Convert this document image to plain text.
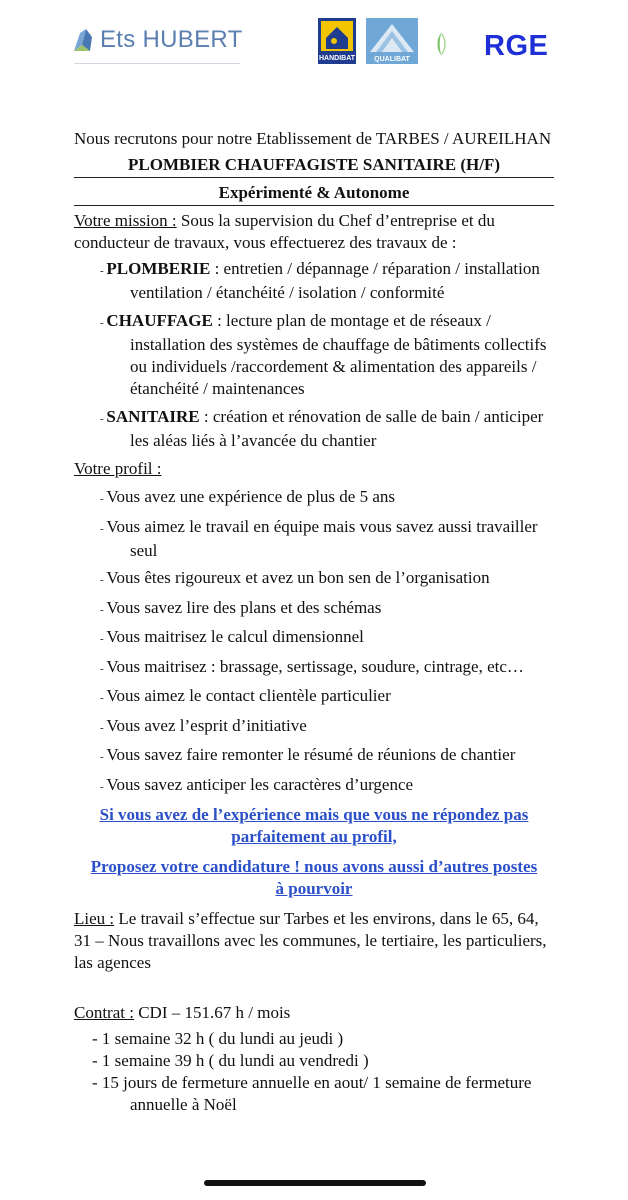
Ets HUBERT
HANDIBAT	QUALIBAT	RGE

Nous recrutons pour notre Etablissement de TARBES / AUREILHAN

PLOMBIER CHAUFFAGISTE SANITAIRE (H/F)
Expérimenté & Autonome

Votre mission : Sous la supervision du Chef d’entreprise et du conducteur de travaux, vous effectuerez des travaux de :

- PLOMBERIE : entretien / dépannage / réparation / installation ventilation / étanchéité / isolation / conformité
- CHAUFFAGE : lecture plan de montage et de réseaux / installation des systèmes de chauffage de bâtiments collectifs ou individuels /raccordement & alimentation des appareils / étanchéité / maintenances
- SANITAIRE : création et rénovation de salle de bain / anticiper les aléas liés à l’avancée du chantier

Votre profil :

- Vous avez une expérience de plus de 5 ans
- Vous aimez le travail en équipe mais vous savez aussi travailler seul
- Vous êtes rigoureux et avez un bon sen de l’organisation
- Vous savez lire des plans et des schémas
- Vous maitrisez le calcul dimensionnel
- Vous maitrisez : brassage, sertissage, soudure, cintrage, etc…
- Vous aimez le contact clientèle particulier
- Vous avez l’esprit d’initiative
- Vous savez faire remonter le résumé de réunions de chantier
- Vous savez anticiper les caractères d’urgence

Si vous avez de l’expérience mais que vous ne répondez pas parfaitement au profil,

Proposez votre candidature ! nous avons aussi d’autres postes à pourvoir

Lieu : Le travail s’effectue sur Tarbes et les environs, dans le 65, 64, 31 – Nous travaillons avec les communes, le tertiaire, les particuliers, las agences

Contrat : CDI – 151.67 h / mois

- 1 semaine 32 h ( du lundi au jeudi )
- 1 semaine 39 h ( du lundi au vendredi )
- 15 jours de fermeture annuelle en aout/ 1 semaine de fermeture annuelle à Noël
